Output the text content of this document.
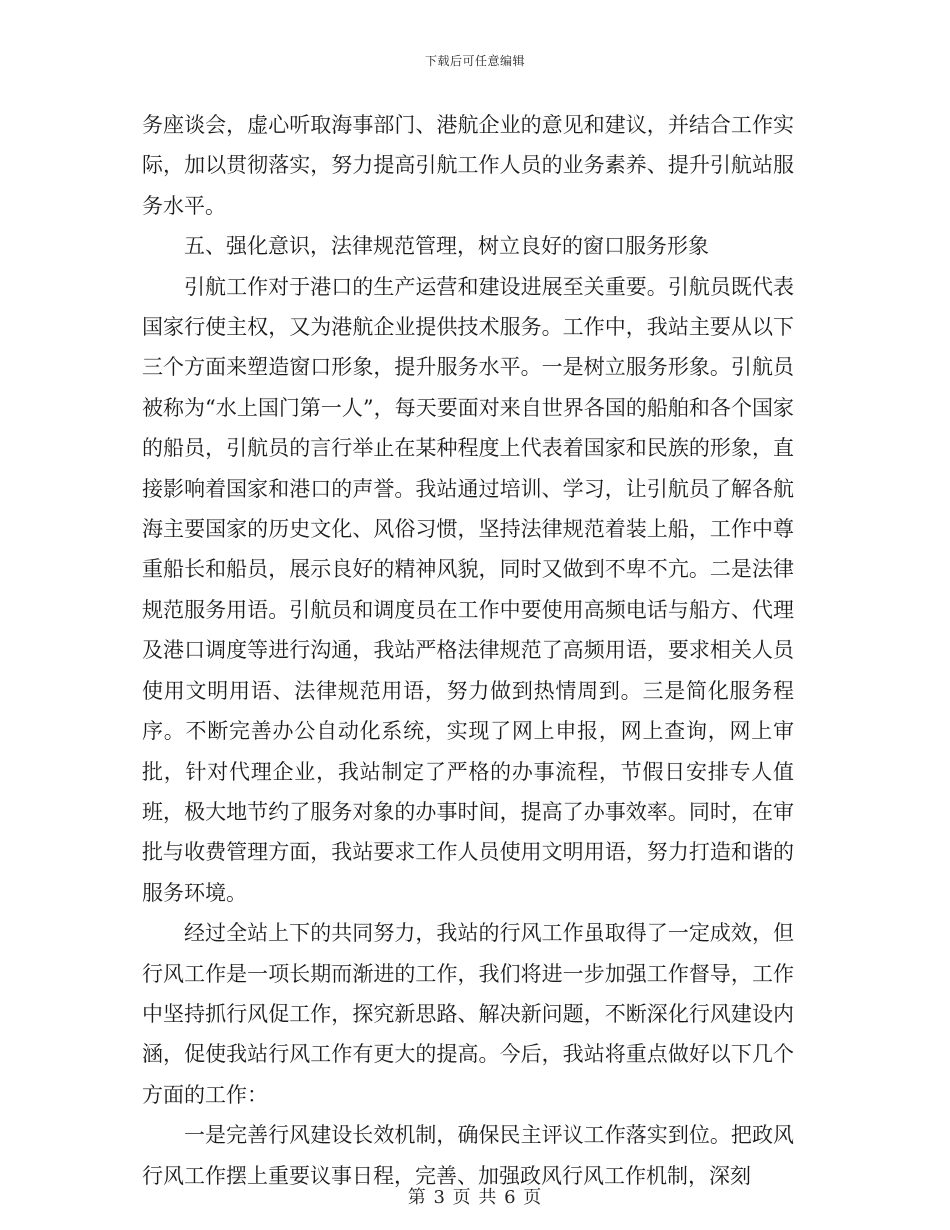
下载后可任意编辑

务座谈会，虚心听取海事部门、港航企业的意见和建议，并结合工作实际，加以贯彻落实，努力提高引航工作人员的业务素养、提升引航站服务水平。

五、强化意识，法律规范管理，树立良好的窗口服务形象

引航工作对于港口的生产运营和建设进展至关重要。引航员既代表国家行使主权，又为港航企业提供技术服务。工作中，我站主要从以下三个方面来塑造窗口形象，提升服务水平。一是树立服务形象。引航员被称为“水上国门第一人”，每天要面对来自世界各国的船舶和各个国家的船员，引航员的言行举止在某种程度上代表着国家和民族的形象，直接影响着国家和港口的声誉。我站通过培训、学习，让引航员了解各航海主要国家的历史文化、风俗习惯，坚持法律规范着装上船，工作中尊重船长和船员，展示良好的精神风貌，同时又做到不卑不亢。二是法律规范服务用语。引航员和调度员在工作中要使用高频电话与船方、代理及港口调度等进行沟通，我站严格法律规范了高频用语，要求相关人员使用文明用语、法律规范用语，努力做到热情周到。三是简化服务程序。不断完善办公自动化系统，实现了网上申报，网上查询，网上审批，针对代理企业，我站制定了严格的办事流程，节假日安排专人值班，极大地节约了服务对象的办事时间，提高了办事效率。同时，在审批与收费管理方面，我站要求工作人员使用文明用语，努力打造和谐的服务环境。

经过全站上下的共同努力，我站的行风工作虽取得了一定成效，但行风工作是一项长期而渐进的工作，我们将进一步加强工作督导，工作中坚持抓行风促工作，探究新思路、解决新问题，不断深化行风建设内涵，促使我站行风工作有更大的提高。今后，我站将重点做好以下几个方面的工作：

一是完善行风建设长效机制，确保民主评议工作落实到位。把政风行风工作摆上重要议事日程，完善、加强政风行风工作机制，深刻

第 3 页 共 6 页
